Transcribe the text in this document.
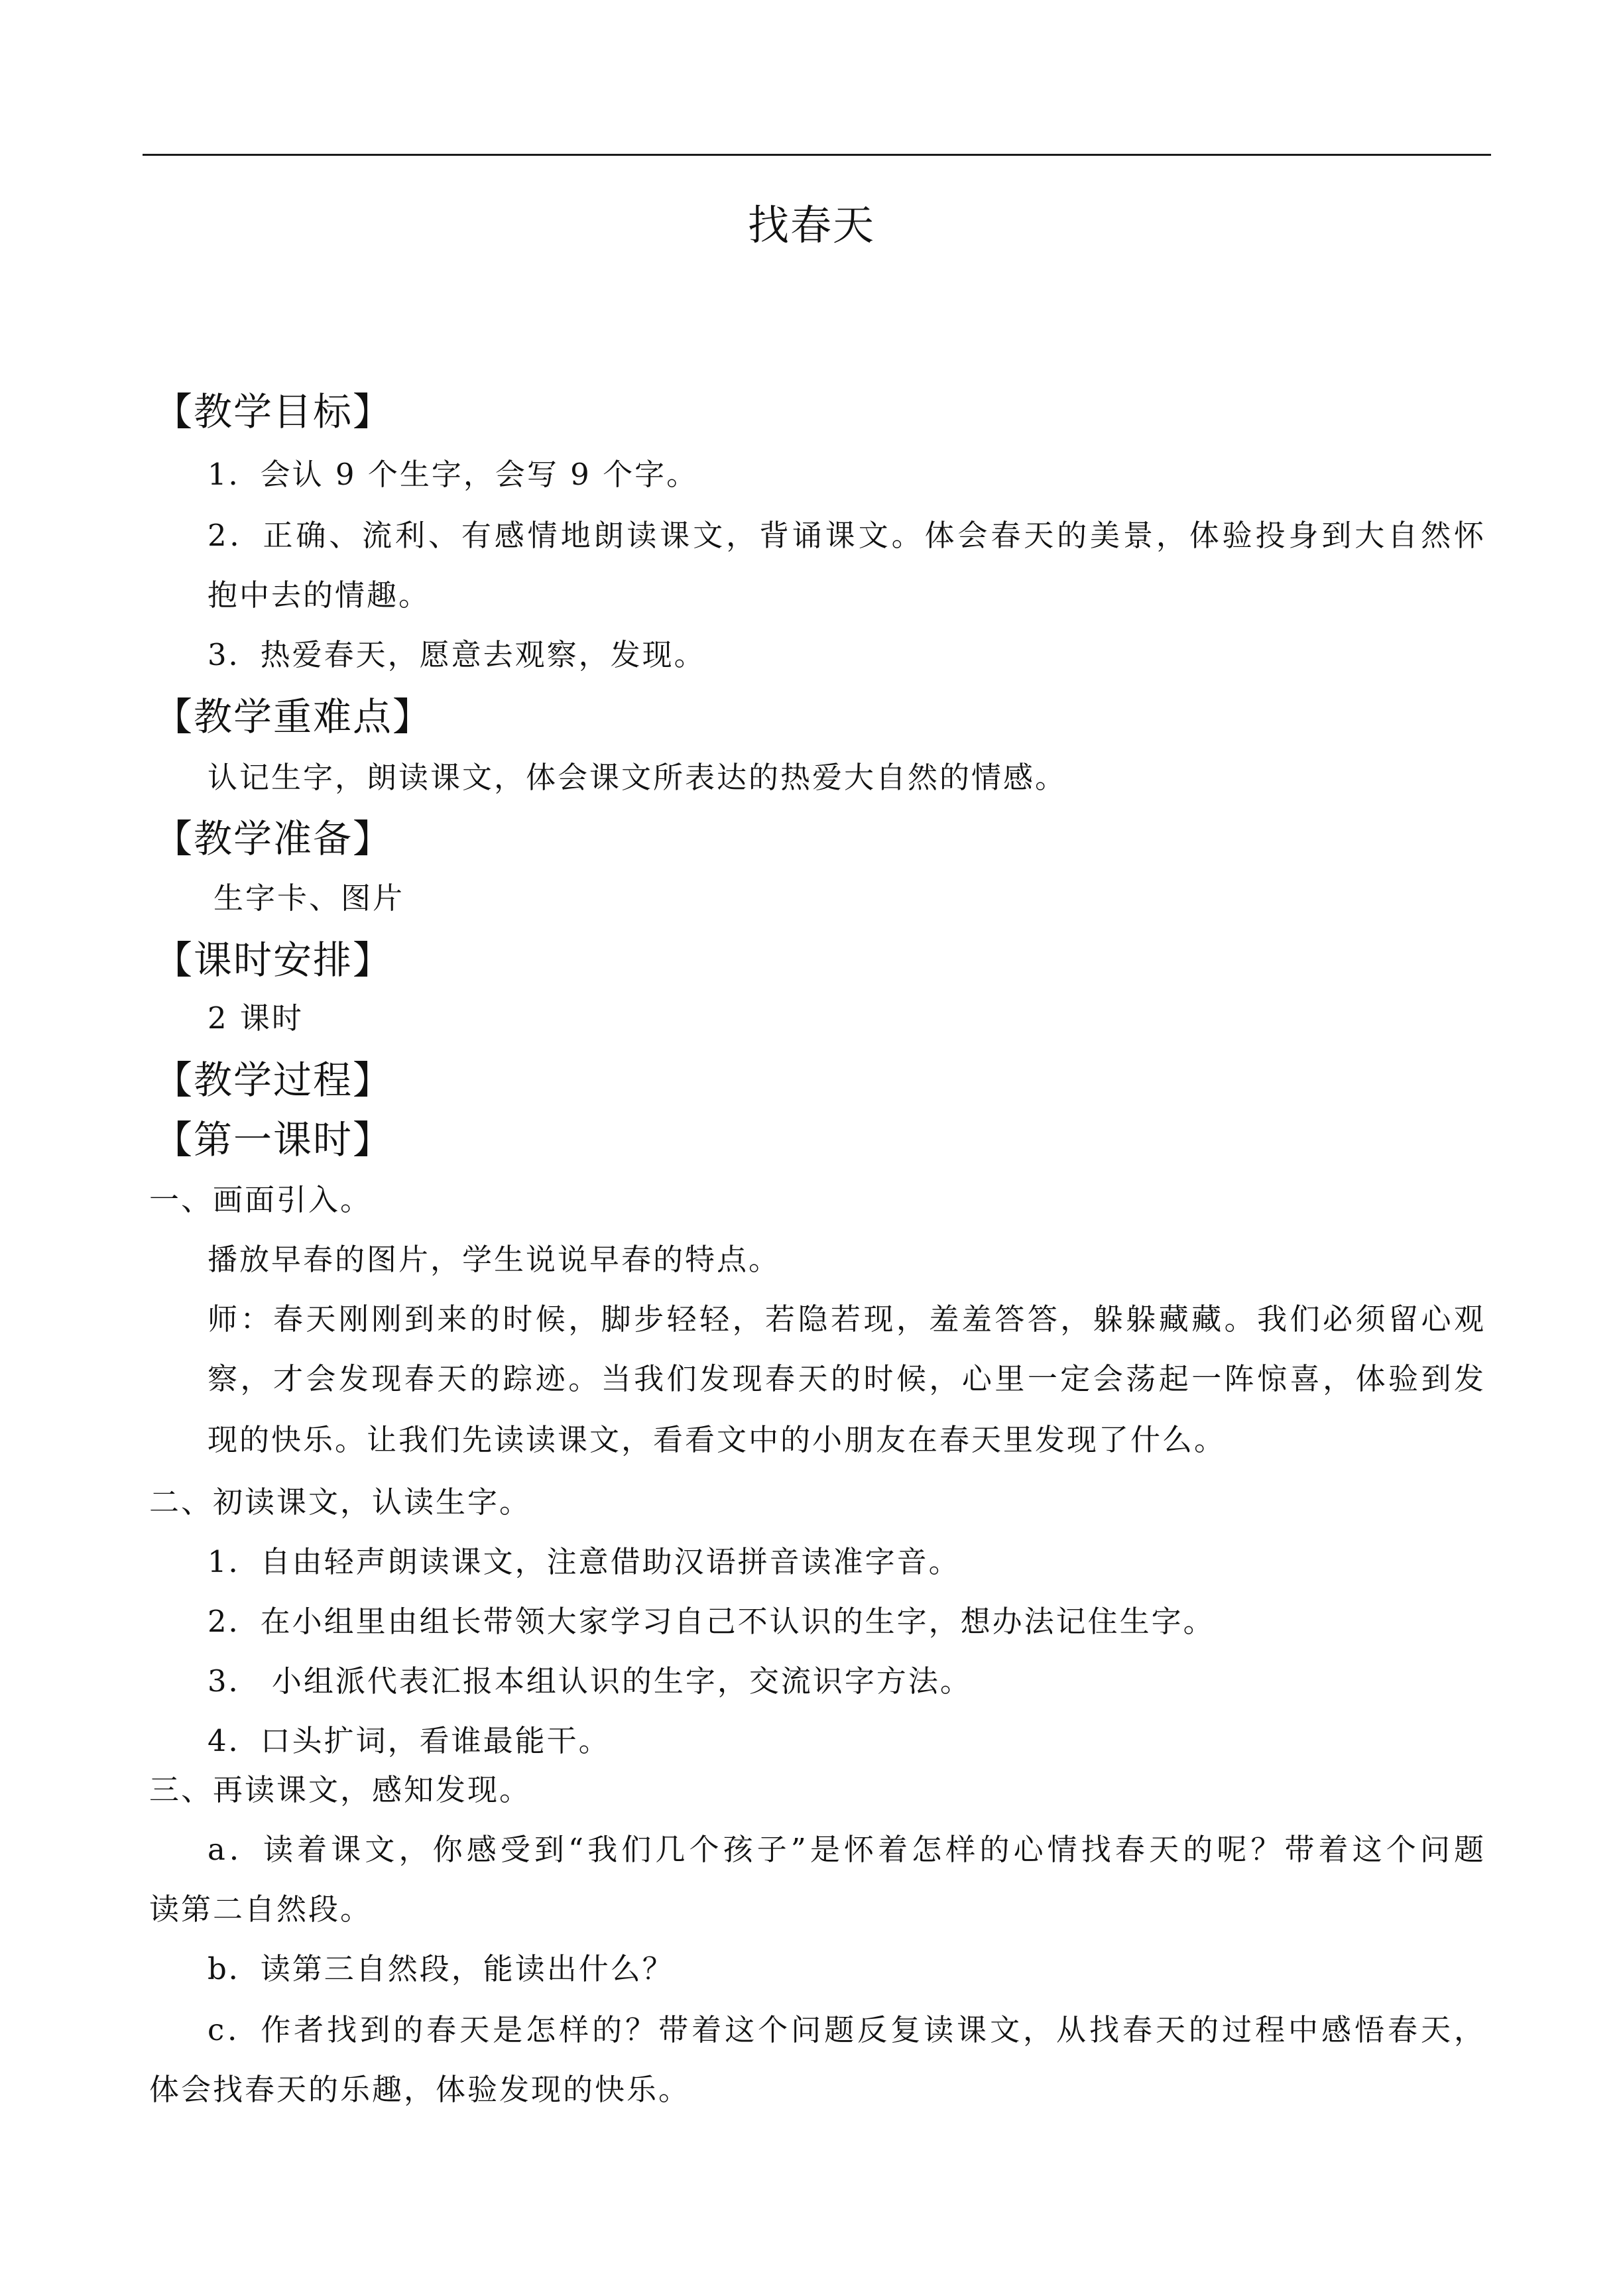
找春天
【教学目标】
1．会认 9 个生字，会写 9 个字。
2．正确、流利、有感情地朗读课文，背诵课文。体会春天的美景，体验投身到大自然怀
抱中去的情趣。
3．热爱春天，愿意去观察，发现。
【教学重难点】
认记生字，朗读课文，体会课文所表达的热爱大自然的情感。
【教学准备】
生字卡、图片
【课时安排】
2 课时
【教学过程】
【第一课时】
一、画面引入。
播放早春的图片，学生说说早春的特点。
师：春天刚刚到来的时候，脚步轻轻，若隐若现，羞羞答答，躲躲藏藏。我们必须留心观
察，才会发现春天的踪迹。当我们发现春天的时候，心里一定会荡起一阵惊喜，体验到发
现的快乐。让我们先读读课文，看看文中的小朋友在春天里发现了什么。
二、初读课文，认读生字。
1．自由轻声朗读课文，注意借助汉语拼音读准字音。
2．在小组里由组长带领大家学习自己不认识的生字，想办法记住生字。
3． 小组派代表汇报本组认识的生字，交流识字方法。
4．口头扩词，看谁最能干。
三、再读课文，感知发现。
a．读着课文，你感受到“我们几个孩子”是怀着怎样的心情找春天的呢？带着这个问题
读第二自然段。
b．读第三自然段，能读出什么？
c．作者找到的春天是怎样的？带着这个问题反复读课文，从找春天的过程中感悟春天，
体会找春天的乐趣，体验发现的快乐。
